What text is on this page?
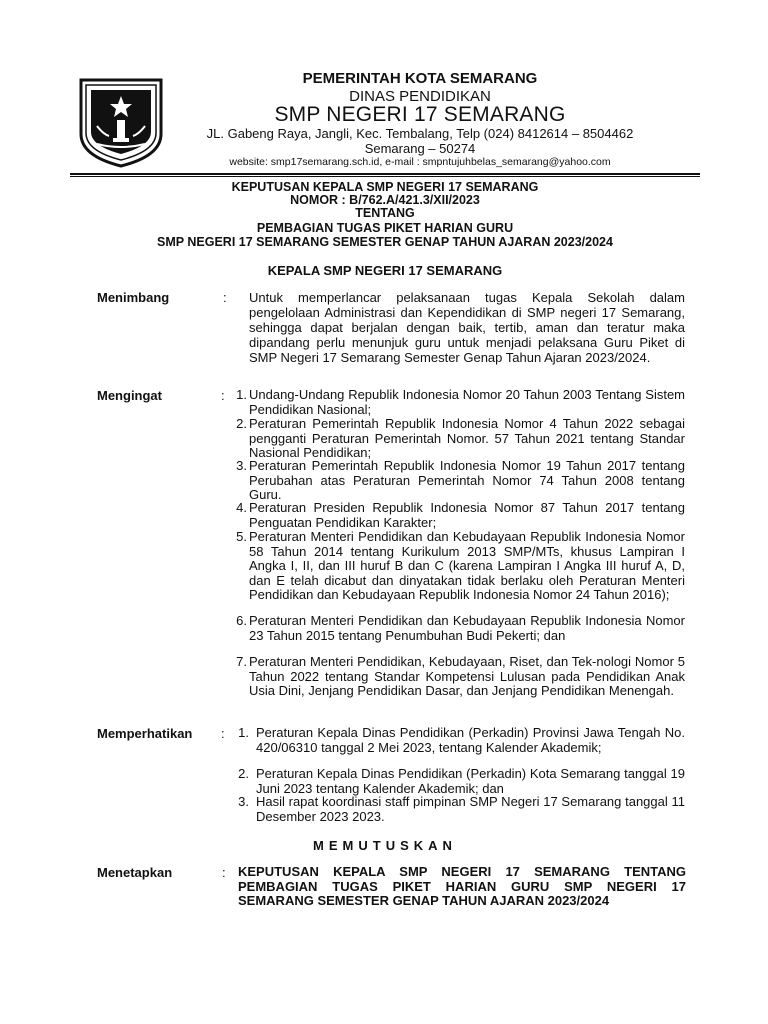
PEMERINTAH KOTA SEMARANG
DINAS PENDIDIKAN
SMP NEGERI 17 SEMARANG
JL. Gabeng Raya, Jangli, Kec. Tembalang, Telp (024) 8412614 – 8504462
Semarang – 50274
website: smp17semarang.sch.id, e-mail : smpntujuhbelas_semarang@yahoo.com
KEPUTUSAN KEPALA SMP NEGERI 17 SEMARANG
NOMOR : B/762.A/421.3/XII/2023
TENTANG
PEMBAGIAN TUGAS PIKET HARIAN GURU
SMP NEGERI 17 SEMARANG SEMESTER GENAP TAHUN AJARAN 2023/2024
KEPALA SMP NEGERI 17 SEMARANG
Menimbang	: Untuk memperlancar pelaksanaan tugas Kepala Sekolah dalam pengelolaan Administrasi dan Kependidikan di SMP negeri 17 Semarang, sehingga dapat berjalan dengan baik, tertib, aman dan teratur maka dipandang perlu menunjuk guru untuk menjadi pelaksana Guru Piket di SMP Negeri 17 Semarang Semester Genap Tahun Ajaran 2023/2024.
Mengingat	: 1. Undang-Undang Republik Indonesia Nomor 20 Tahun 2003 Tentang Sistem Pendidikan Nasional;
2. Peraturan Pemerintah Republik Indonesia Nomor 4 Tahun 2022 sebagai pengganti Peraturan Pemerintah Nomor. 57 Tahun 2021 tentang Standar Nasional Pendidikan;
3. Peraturan Pemerintah Republik Indonesia Nomor 19 Tahun 2017 tentang Perubahan atas Peraturan Pemerintah Nomor 74 Tahun 2008 tentang Guru.
4. Peraturan Presiden Republik Indonesia Nomor 87 Tahun 2017 tentang Penguatan Pendidikan Karakter;
5. Peraturan Menteri Pendidikan dan Kebudayaan Republik Indonesia Nomor 58 Tahun 2014 tentang Kurikulum 2013 SMP/MTs, khusus Lampiran I Angka I, II, dan III huruf B dan C (karena Lampiran I Angka III huruf A, D, dan E telah dicabut dan dinyatakan tidak berlaku oleh Peraturan Menteri Pendidikan dan Kebudayaan Republik Indonesia Nomor 24 Tahun 2016);
6. Peraturan Menteri Pendidikan dan Kebudayaan Republik Indonesia Nomor 23 Tahun 2015 tentang Penumbuhan Budi Pekerti; dan
7. Peraturan Menteri Pendidikan, Kebudayaan, Riset, dan Tek-nologi Nomor 5 Tahun 2022 tentang Standar Kompetensi Lulusan pada Pendidikan Anak Usia Dini, Jenjang Pendidikan Dasar, dan Jenjang Pendidikan Menengah.
Memperhatikan :	1. Peraturan Kepala Dinas Pendidikan (Perkadin) Provinsi Jawa Tengah No. 420/06310 tanggal 2 Mei 2023, tentang Kalender Akademik;
2. Peraturan Kepala Dinas Pendidikan (Perkadin) Kota Semarang tanggal 19 Juni 2023 tentang Kalender Akademik; dan
3. Hasil rapat koordinasi staff pimpinan SMP Negeri 17 Semarang tanggal 11 Desember 2023 2023.
MEMUTUSKAN
Menetapkan	: KEPUTUSAN KEPALA SMP NEGERI 17 SEMARANG TENTANG PEMBAGIAN TUGAS PIKET HARIAN GURU SMP NEGERI 17 SEMARANG SEMESTER GENAP TAHUN AJARAN 2023/2024
